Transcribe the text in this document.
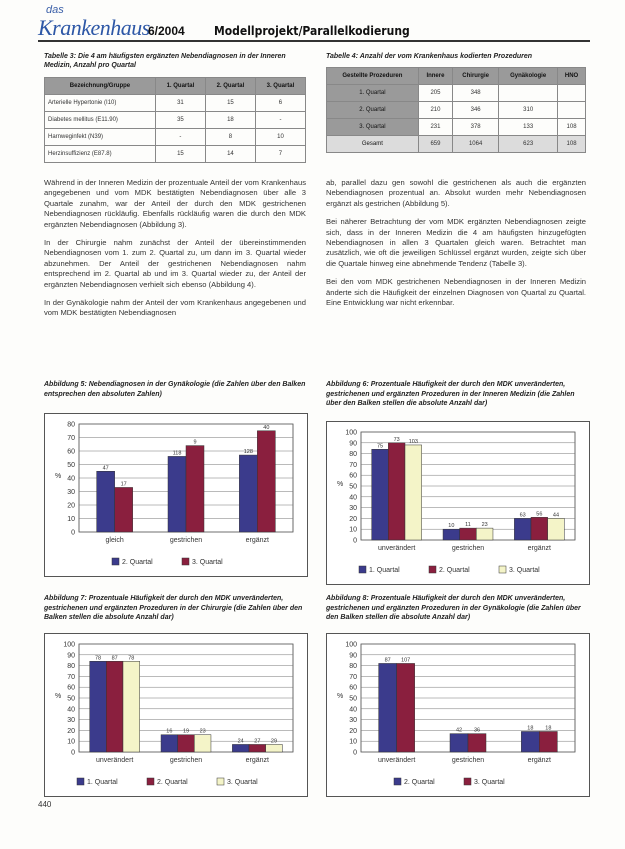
das
Krankenhaus
6/2004 Modellprojekt/Parallelkodierung
Tabelle 3: Die 4 am häufigsten ergänzten Nebendiagnosen in der Inneren Medizin, Anzahl pro Quartal
Bezeichnung/Gruppe	1. Quartal	2. Quartal	3. Quartal
Arterielle Hypertonie (I10)	31	15	6
Diabetes mellitus (E11.90)	35	18	-
Harnweginfekt (N39)	-	8	10
Herzinsuffizienz (E87.8)	15	14	7
Tabelle 4: Anzahl der vom Krankenhaus kodierten Prozeduren
Gestellte Prozeduren	Innere	Chirurgie	Gynäkologie	HNO
1. Quartal	205	348		
2. Quartal	210	346	310	
3. Quartal	231	378	133	108
Gesamt	659	1064	623	108

Während in der Inneren Medizin der prozentuale Anteil der vom Krankenhaus angegebenen und vom MDK bestätigten Nebendiagnosen über alle 3 Quartale zunahm, war der Anteil der durch den MDK gestrichenen Nebendiagnosen rückläufig. Ebenfalls rückläufig waren die durch den MDK ergänzten Nebendiagnosen (Abbildung 3).

In der Chirurgie nahm zunächst der Anteil der übereinstimmenden Nebendiagnosen vom 1. zum 2. Quartal zu, um dann im 3. Quartal wieder abzunehmen. Der Anteil der gestrichenen Nebendiagnosen nahm entsprechend im 2. Quartal ab und im 3. Quartal wieder zu, der Anteil der ergänzten Nebendiagnosen verhielt sich ebenso (Abbildung 4).

In der Gynäkologie nahm der Anteil der vom Krankenhaus angegebenen und vom MDK bestätigten Nebendiagnosen

ab, parallel dazu gen sowohl die gestrichenen als auch die ergänzten Nebendiagnosen prozentual an. Absolut wurden mehr Nebendiagnosen ergänzt als gestrichen (Abbildung 5).

Bei näherer Betrachtung der vom MDK ergänzten Nebendiagnosen zeigte sich, dass in der Inneren Medizin die 4 am häufigsten hinzugefügten Nebendiagnosen in allen 3 Quartalen gleich waren. Betrachtet man zusätzlich, wie oft die jeweiligen Schlüssel ergänzt wurden, zeigte sich über die Quartale hinweg eine abnehmende Tendenz (Tabelle 3).

Bei den vom MDK gestrichenen Nebendiagnosen in der Inneren Medizin änderte sich die Häufigkeit der einzelnen Diagnosen von Quartal zu Quartal. Eine Entwicklung war nicht erkennbar.

Abbildung 5: Nebendiagnosen in der Gynäkologie (die Zahlen über den Balken entsprechen den absoluten Zahlen)
Abbildung 6: Prozentuale Häufigkeit der durch den MDK unveränderten, gestrichenen und ergänzten Prozeduren in der Inneren Medizin (die Zahlen über den Balken stellen die absolute Anzahl dar)
Abbildung 7: Prozentuale Häufigkeit der durch den MDK unveränderten, gestrichenen und ergänzten Prozeduren in der Chirurgie (die Zahlen über den Balken stellen die absolute Anzahl dar)
Abbildung 8: Prozentuale Häufigkeit der durch den MDK unveränderten, gestrichenen und ergänzten Prozeduren in der Gynäkologie (die Zahlen über den Balken stellen die absolute Anzahl dar)
0
10
20
30
40
50
60
70
80
%
47
17
gleich
118
9
gestrichen
128
40
ergänzt
2. Quartal	3. Quartal
0
10
20
30
40
50
60
70
80
90
100
%
75
73 103
unverändert
10 11 23
gestrichen
63 56 44
ergänzt
1. Quartal	2. Quartal	3. Quartal
0
10
20
30
40
50
60
70
80
90
100
%
78 87 78
unverändert
16 19 23
gestrichen
24 27 29
ergänzt
1. Quartal	2. Quartal	3. Quartal
0
10
20
30
40
50
60
70
80
90
100
%
87 107
unverändert
42 36
gestrichen
18 18
ergänzt
2. Quartal	3. Quartal
440
